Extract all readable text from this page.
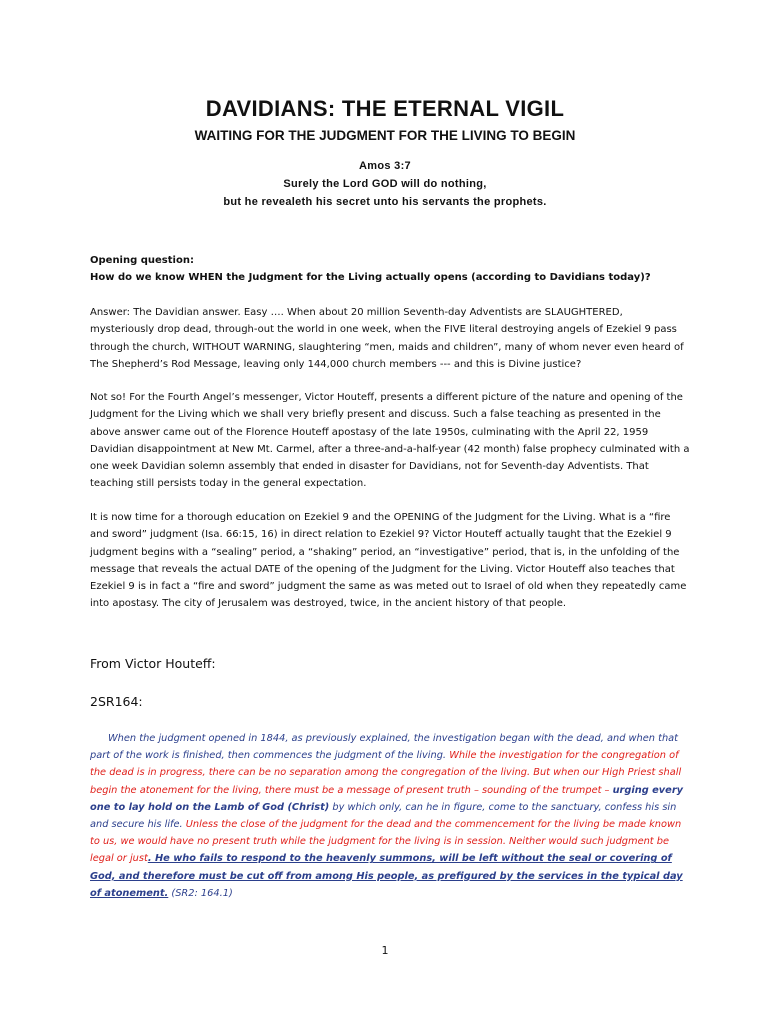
DAVIDIANS: THE ETERNAL VIGIL
WAITING FOR THE JUDGMENT FOR THE LIVING TO BEGIN
Amos 3:7
Surely the Lord GOD will do nothing,
but he revealeth his secret unto his servants the prophets.
Opening question:
How do we know WHEN the Judgment for the Living actually opens (according to Davidians today)?

Answer: The Davidian answer. Easy …. When about 20 million Seventh-day Adventists are SLAUGHTERED, mysteriously drop dead, through-out the world in one week, when the FIVE literal destroying angels of Ezekiel 9 pass through the church, WITHOUT WARNING, slaughtering “men, maids and children”, many of whom never even heard of The Shepherd’s Rod Message, leaving only 144,000 church members --- and this is Divine justice?

Not so! For the Fourth Angel’s messenger, Victor Houteff, presents a different picture of the nature and opening of the Judgment for the Living which we shall very briefly present and discuss. Such a false teaching as presented in the above answer came out of the Florence Houteff apostasy of the late 1950s, culminating with the April 22, 1959 Davidian disappointment at New Mt. Carmel, after a three-and-a-half-year (42 month) false prophecy culminated with a one week Davidian solemn assembly that ended in disaster for Davidians, not for Seventh-day Adventists. That teaching still persists today in the general expectation.

It is now time for a thorough education on Ezekiel 9 and the OPENING of the Judgment for the Living. What is a “fire and sword” judgment (Isa. 66:15, 16) in direct relation to Ezekiel 9? Victor Houteff actually taught that the Ezekiel 9 judgment begins with a “sealing” period, a “shaking” period, an “investigative” period, that is, in the unfolding of the message that reveals the actual DATE of the opening of the Judgment for the Living. Victor Houteff also teaches that Ezekiel 9 is in fact a “fire and sword” judgment the same as was meted out to Israel of old when they repeatedly came into apostasy. The city of Jerusalem was destroyed, twice, in the ancient history of that people.

From Victor Houteff:
2SR164:

When the judgment opened in 1844, as previously explained, the investigation began with the dead, and when that part of the work is finished, then commences the judgment of the living. While the investigation for the congregation of the dead is in progress, there can be no separation among the congregation of the living. But when our High Priest shall begin the atonement for the living, there must be a message of present truth – sounding of the trumpet – urging every one to lay hold on the Lamb of God (Christ) by which only, can he in figure, come to the sanctuary, confess his sin and secure his life. Unless the close of the judgment for the dead and the commencement for the living be made known to us, we would have no present truth while the judgment for the living is in session. Neither would such judgment be legal or just. He who fails to respond to the heavenly summons, will be left without the seal or covering of God, and therefore must be cut off from among His people, as prefigured by the services in the typical day of atonement. (SR2: 164.1)

1
